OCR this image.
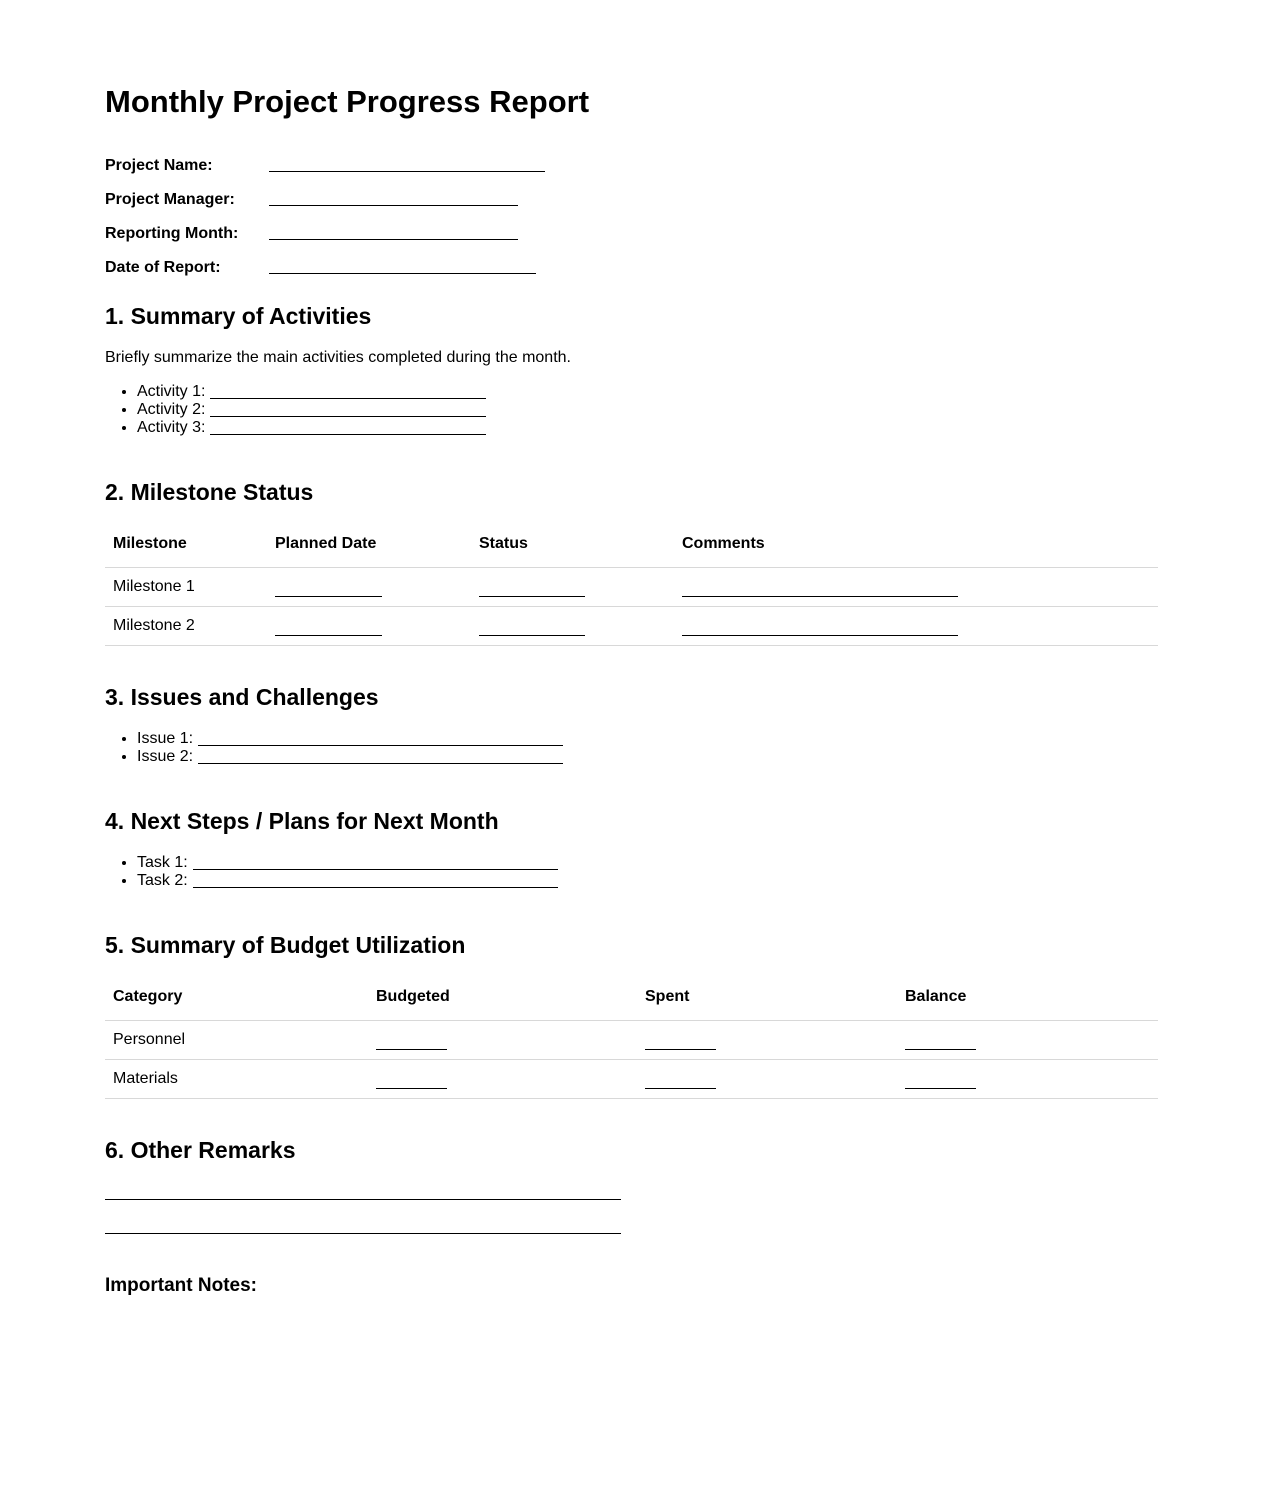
Monthly Project Progress Report
Project Name:
Project Manager:
Reporting Month:
Date of Report:
1. Summary of Activities

Briefly summarize the main activities completed during the month.

• Activity 1:
• Activity 2:
• Activity 3:
2. Milestone Status
Milestone	Planned Date	Status	Comments
Milestone 1			
Milestone 2			
3. Issues and Challenges
• Issue 1:
• Issue 2:
4. Next Steps / Plans for Next Month
• Task 1:
• Task 2:
5. Summary of Budget Utilization
Category	Budgeted	Spent	Balance
Personnel			
Materials			
6. Other Remarks
Important Notes:
